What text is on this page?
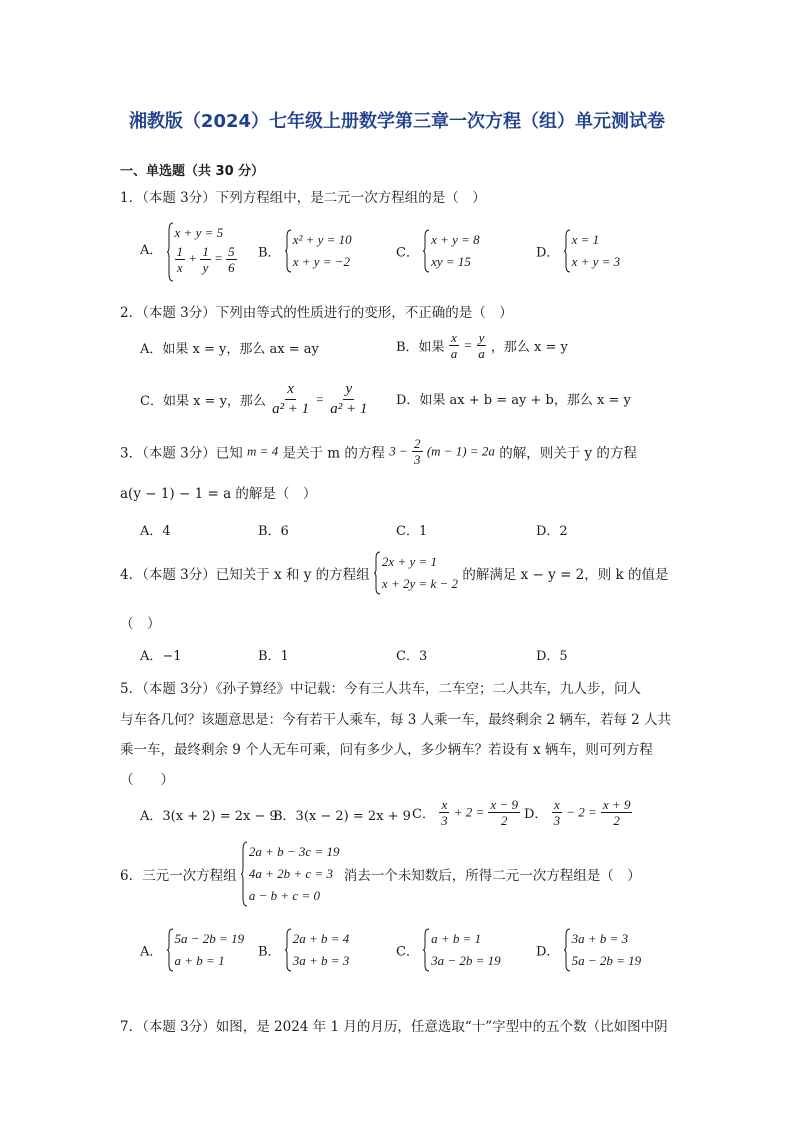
湘教版（2024）七年级上册数学第三章一次方程（组）单元测试卷
一、单选题（共 30 分）
1．（本题 3分）下列方程组中，是二元一次方程组的是（　）
A．
x + y = 5
$\frac{1}{x} + \frac{1}{y} = \frac{5}{6}$ B．
x² + y = 10
x + y = −2
C．
x + y = 8
xy = 15
D．
x = 1
x + y = 3
2．（本题 3分）下列由等式的性质进行的变形，不正确的是（　）
A．如果 x = y，那么 ax = ay	B．如果 $\frac{x}{a} = \frac{y}{a}$ ，那么 x = y
C．如果 x = y，那么 $\frac{x}{\text{a² + 1}} = \frac{y}{\text{a² + 1}}$ D．如果 ax + b = ay + b，那么 x = y
3．（本题 3分）已知 m = 4 是关于 m 的方程 $3 - \frac{2}{3} (m - 1) = 2a$ 的解，则关于 y 的方程
a(y − 1) − 1 = a 的解是（　）
A．4	B．6	C．1	D．2
4．（本题 3分）已知关于 x 和 y 的方程组
2x + y = 1
x + 2y = k − 2
的解满足 x − y = 2，则 k 的值是
（　）
A．−1	B．1	C．3	D．5
5．（本题 3分）《孙子算经》中记载：今有三人共车，二车空；二人共车，九人步，问人
与车各几何？该题意思是：今有若干人乘车，每 3 人乘一车，最终剩余 2 辆车，若每 2 人共
乘一车，最终剩余 9 个人无车可乘，问有多少人，多少辆车？若设有 x 辆车，则可列方程
（　　）
A．3(x + 2) = 2x − 9
B．3(x − 2) = 2x + 9 C． $\frac{x}{3} + 2 = \frac{x - 9}{2}$ D． $\frac{x}{3} - 2 = \frac{x + 9}{2}$
6．三元一次方程组
2a + b − 3c = 19
4a + 2b + c = 3
a − b + c = 0
消去一个未知数后，所得二元一次方程组是（　）
A．
5a − 2b = 19
a + b = 1
B．
2a + b = 4
3a + b = 3
C．
a + b = 1
3a − 2b = 19
D．
3a + b = 3
5a − 2b = 19
7．（本题 3分）如图，是 2024 年 1 月的月历，任意选取“十”字型中的五个数（比如图中阴
